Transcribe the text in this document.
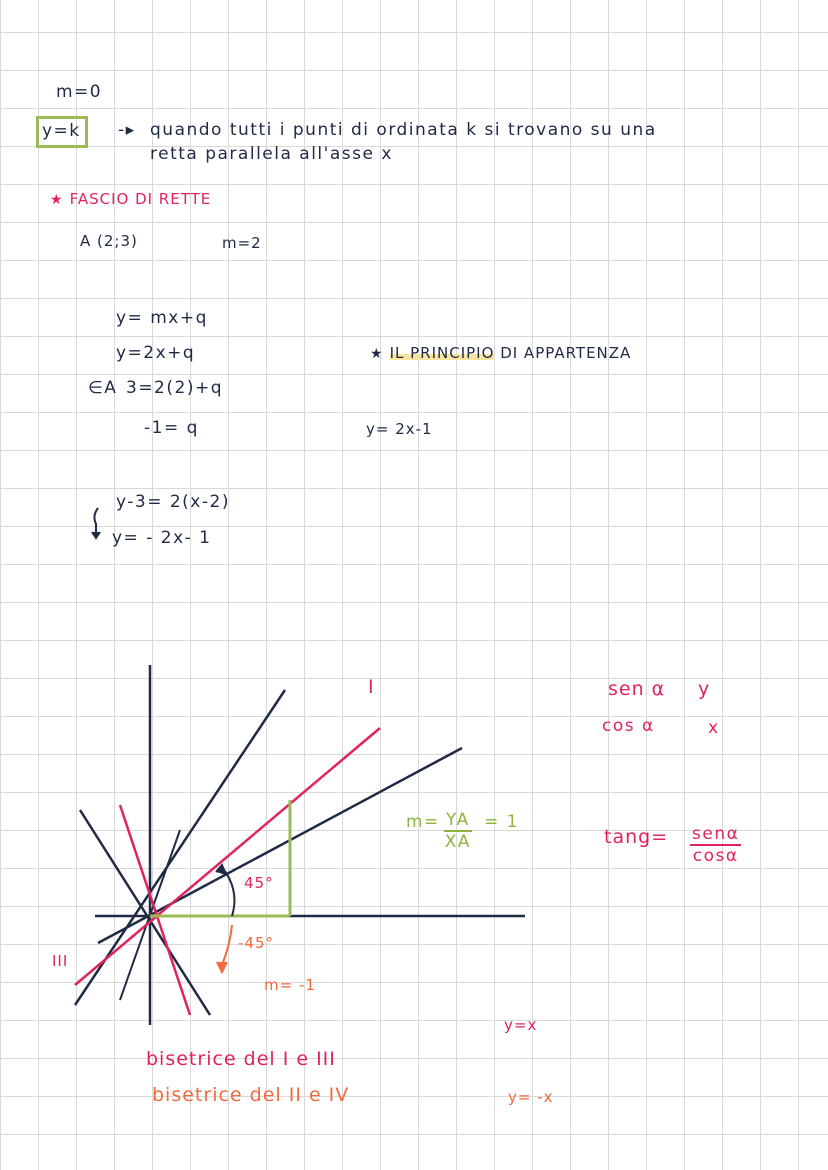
m=0
y=k -▸ quando tutti i punti di ordinata k si trovano su una
retta parallela all'asse x
★ FASCIO DI RETTE
A (2;3)	m=2
y= mx+q
y=2x+q
∈A 3=2(2)+q
-1= q
y-3= 2(x-2)
y= - 2x- 1
★ IL PRINCIPIO DI APPARTENZA
y= 2x-1
I
III
45°
-45°
m= -1
$m= \frac{YA}{XA} = 1$
y=x
y= -x
bisetrice del I e III
bisetrice del II e IV
sen α y
cos α	x
tang= senα
cosα
